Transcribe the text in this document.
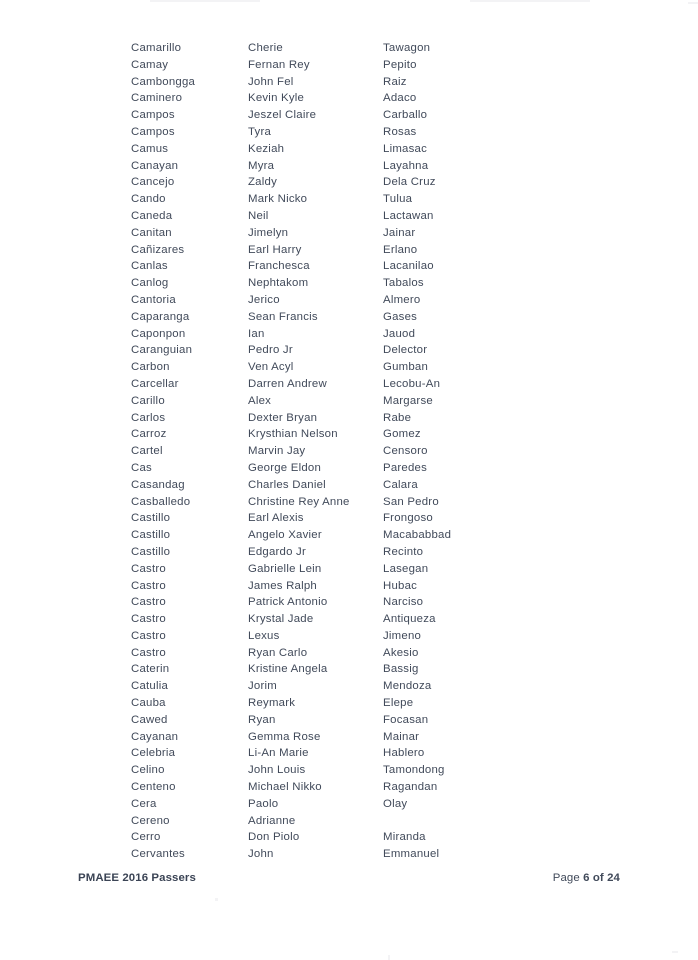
Camarillo	Cherie	Tawagon
Camay	Fernan Rey	Pepito
Cambongga	John Fel	Raiz
Caminero	Kevin Kyle	Adaco
Campos	Jeszel Claire	Carballo
Campos	Tyra	Rosas
Camus	Keziah	Limasac
Canayan	Myra	Layahna
Cancejo	Zaldy	Dela Cruz
Cando	Mark Nicko	Tulua
Caneda	Neil	Lactawan
Canitan	Jimelyn	Jainar
Cañizares	Earl Harry	Erlano
Canlas	Franchesca	Lacanilao
Canlog	Nephtakom	Tabalos
Cantoria	Jerico	Almero
Caparanga	Sean Francis	Gases
Caponpon	Ian	Jauod
Caranguian	Pedro Jr	Delector
Carbon	Ven Acyl	Gumban
Carcellar	Darren Andrew	Lecobu-An
Carillo	Alex	Margarse
Carlos	Dexter Bryan	Rabe
Carroz	Krysthian Nelson	Gomez
Cartel	Marvin Jay	Censoro
Cas	George Eldon	Paredes
Casandag	Charles Daniel	Calara
Casballedo	Christine Rey Anne	San Pedro
Castillo	Earl Alexis	Frongoso
Castillo	Angelo Xavier	Macababbad
Castillo	Edgardo Jr	Recinto
Castro	Gabrielle Lein	Lasegan
Castro	James Ralph	Hubac
Castro	Patrick Antonio	Narciso
Castro	Krystal Jade	Antiqueza
Castro	Lexus	Jimeno
Castro	Ryan Carlo	Akesio
Caterin	Kristine Angela	Bassig
Catulia	Jorim	Mendoza
Cauba	Reymark	Elepe
Cawed	Ryan	Focasan
Cayanan	Gemma Rose	Mainar
Celebria	Li-An Marie	Hablero
Celino	John Louis	Tamondong
Centeno	Michael Nikko	Ragandan
Cera	Paolo	Olay
Cereno	Adrianne
Cerro	Don Piolo	Miranda
Cervantes	John	Emmanuel
PMAEE 2016 Passers	Page 6 of 24
